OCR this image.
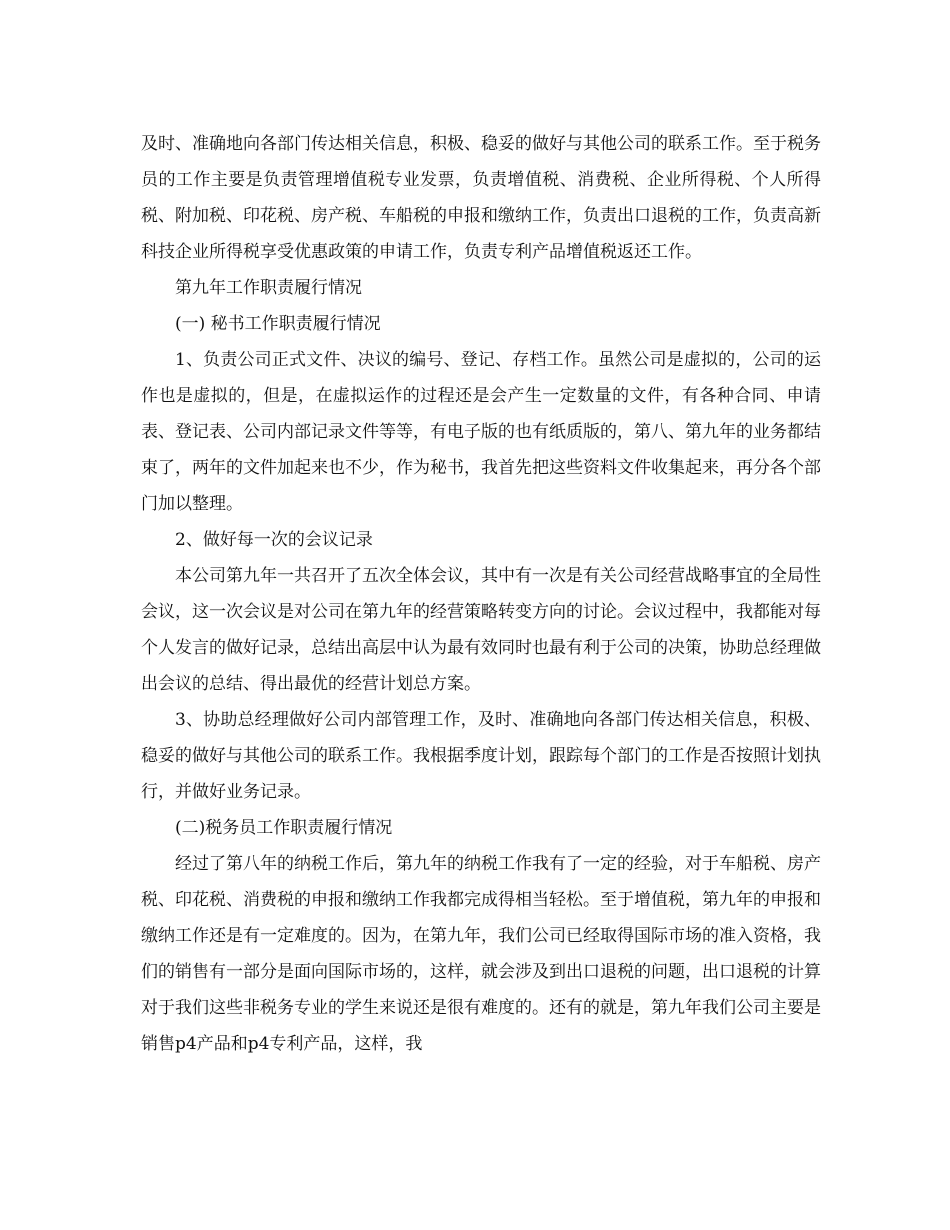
及时、准确地向各部门传达相关信息，积极、稳妥的做好与其他公司的联系工作。至于税务员的工作主要是负责管理增值税专业发票，负责增值税、消费税、企业所得税、个人所得税、附加税、印花税、房产税、车船税的申报和缴纳工作，负责出口退税的工作，负责高新科技企业所得税享受优惠政策的申请工作，负责专利产品增值税返还工作。

第九年工作职责履行情况

(一) 秘书工作职责履行情况

1、负责公司正式文件、决议的编号、登记、存档工作。虽然公司是虚拟的，公司的运作也是虚拟的，但是，在虚拟运作的过程还是会产生一定数量的文件，有各种合同、申请表、登记表、公司内部记录文件等等，有电子版的也有纸质版的，第八、第九年的业务都结束了，两年的文件加起来也不少，作为秘书，我首先把这些资料文件收集起来，再分各个部门加以整理。

2、做好每一次的会议记录

本公司第九年一共召开了五次全体会议，其中有一次是有关公司经营战略事宜的全局性会议，这一次会议是对公司在第九年的经营策略转变方向的讨论。会议过程中，我都能对每个人发言的做好记录，总结出高层中认为最有效同时也最有利于公司的决策，协助总经理做出会议的总结、得出最优的经营计划总方案。

3、协助总经理做好公司内部管理工作，及时、准确地向各部门传达相关信息，积极、稳妥的做好与其他公司的联系工作。我根据季度计划，跟踪每个部门的工作是否按照计划执行，并做好业务记录。

(二)税务员工作职责履行情况

经过了第八年的纳税工作后，第九年的纳税工作我有了一定的经验，对于车船税、房产税、印花税、消费税的申报和缴纳工作我都完成得相当轻松。至于增值税，第九年的申报和缴纳工作还是有一定难度的。因为，在第九年，我们公司已经取得国际市场的准入资格，我们的销售有一部分是面向国际市场的，这样，就会涉及到出口退税的问题，出口退税的计算对于我们这些非税务专业的学生来说还是很有难度的。还有的就是，第九年我们公司主要是销售p4产品和p4专利产品，这样，我
